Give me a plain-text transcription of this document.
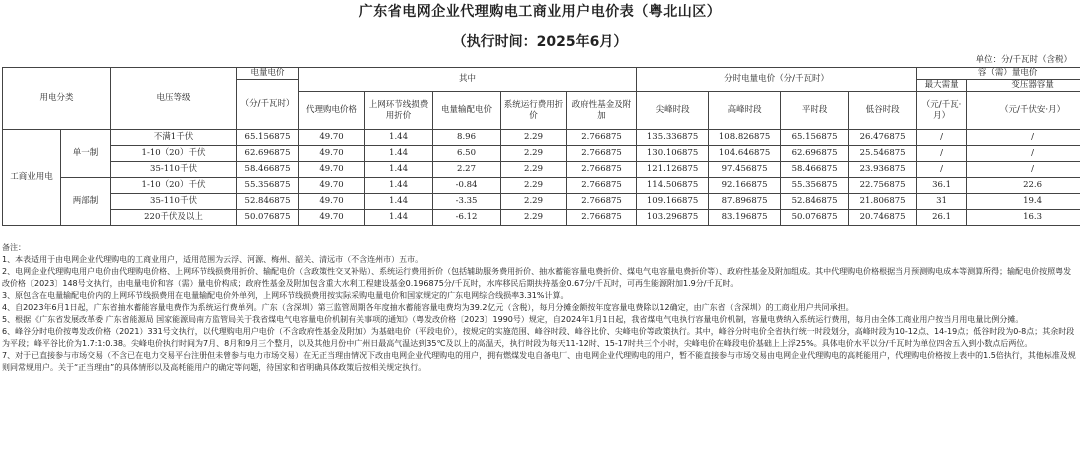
广东省电网企业代理购电工商业用户电价表（粤北山区）
（执行时间：2025年6月）
单位：分/千瓦时（含税）
用电分类		电压等级	电量电价	其中					分时电量电价（分/千瓦时）				容（需）量电价	
			（分/千瓦时）										最大需量	变压器容量
				代理购电价格	上网环节线损费用折价	电量输配电价	系统运行费用折价	政府性基金及附加	尖峰时段	高峰时段	平时段	低谷时段	（元/千瓦·月）	（元/千伏安·月）
工商业用电	单一制	不满1千伏	65.156875	49.70	1.44	8.96	2.29	2.766875	135.336875	108.826875	65.156875	26.476875	/	/
		1-10（20）千伏	62.696875	49.70	1.44	6.50	2.29	2.766875	130.106875	104.646875	62.696875	25.546875	/	/
		35-110千伏	58.466875	49.70	1.44	2.27	2.29	2.766875	121.126875	97.456875	58.466875	23.936875	/	/
	两部制	1-10（20）千伏	55.356875	49.70	1.44	-0.84	2.29	2.766875	114.506875	92.166875	55.356875	22.756875	36.1	22.6
		35-110千伏	52.846875	49.70	1.44	-3.35	2.29	2.766875	109.166875	87.896875	52.846875	21.806875	31	19.4
		220千伏及以上	50.076875	49.70	1.44	-6.12	2.29	2.766875	103.296875	83.196875	50.076875	20.746875	26.1	16.3

备注：

1、本表适用于由电网企业代理购电的工商业用户，适用范围为云浮、河源、梅州、韶关、清远市（不含连州市）五市。

2、电网企业代理购电用户电价由代理购电价格、上网环节线损费用折价、输配电价（含政策性交叉补贴）、系统运行费用折价（包括辅助服务费用折价、抽水蓄能容量电费折价、煤电气电容量电费折价等）、政府性基金及附加组成。其中代理购电价格根据当月预测购电成本等测算所得；输配电价按照粤发改价格〔2023〕148号文执行，由电量电价和容（需）量电价构成；政府性基金及附加包含重大水利工程建设基金0.196875分/千瓦时，水库移民后期扶持基金0.67分/千瓦时，可再生能源附加1.9分/千瓦时。

3、原包含在电量输配电价内的上网环节线损费用在电量输配电价外单列，上网环节线损费用按实际采购电量电价和国家规定的广东电网综合线损率3.31%计算。

4、自2023年6月1日起，广东省抽水蓄能容量电费作为系统运行费单列。广东（含深圳）第三监管周期各年度抽水蓄能容量电费均为39.2亿元（含税），每月分摊金额按年度容量电费除以12确定，由广东省（含深圳）的工商业用户共同承担。

5、根据《广东省发展改革委 广东省能源局 国家能源局南方监管局关于我省煤电气电容量电价机制有关事项的通知》（粤发改价格〔2023〕1990号）规定，自2024年1月1日起，我省煤电气电执行容量电价机制，容量电费纳入系统运行费用，每月由全体工商业用户按当月用电量比例分摊。

6、峰谷分时电价按粤发改价格（2021）331号文执行，以代理购电用户电价（不含政府性基金及附加）为基础电价（平段电价），按规定的实施范围、峰谷时段、峰谷比价、尖峰电价等政策执行。其中，峰谷分时电价全省执行统一时段划分，高峰时段为10-12点、14-19点；低谷时段为0-8点；其余时段为平段；峰平谷比价为1.7:1:0.38。尖峰电价执行时间为7月、8月和9月三个整月，以及其他月份中广州日最高气温达到35℃及以上的高温天，执行时段为每天11-12时、15-17时共三个小时，尖峰电价在峰段电价基础上上浮25%。具体电价水平以分/千瓦时为单位四舍五入到小数点后两位。

7、对于已直接参与市场交易（不含已在电力交易平台注册但未曾参与电力市场交易）在无正当理由情况下改由电网企业代理购电的用户，拥有燃煤发电自备电厂、由电网企业代理购电的用户，暂不能直接参与市场交易由电网企业代理购电的高耗能用户，代理购电价格按上表中的1.5倍执行，其他标准及规则同常规用户。关于“正当理由”的具体情形以及高耗能用户的确定等问题，待国家和省明确具体政策后按相关规定执行。
